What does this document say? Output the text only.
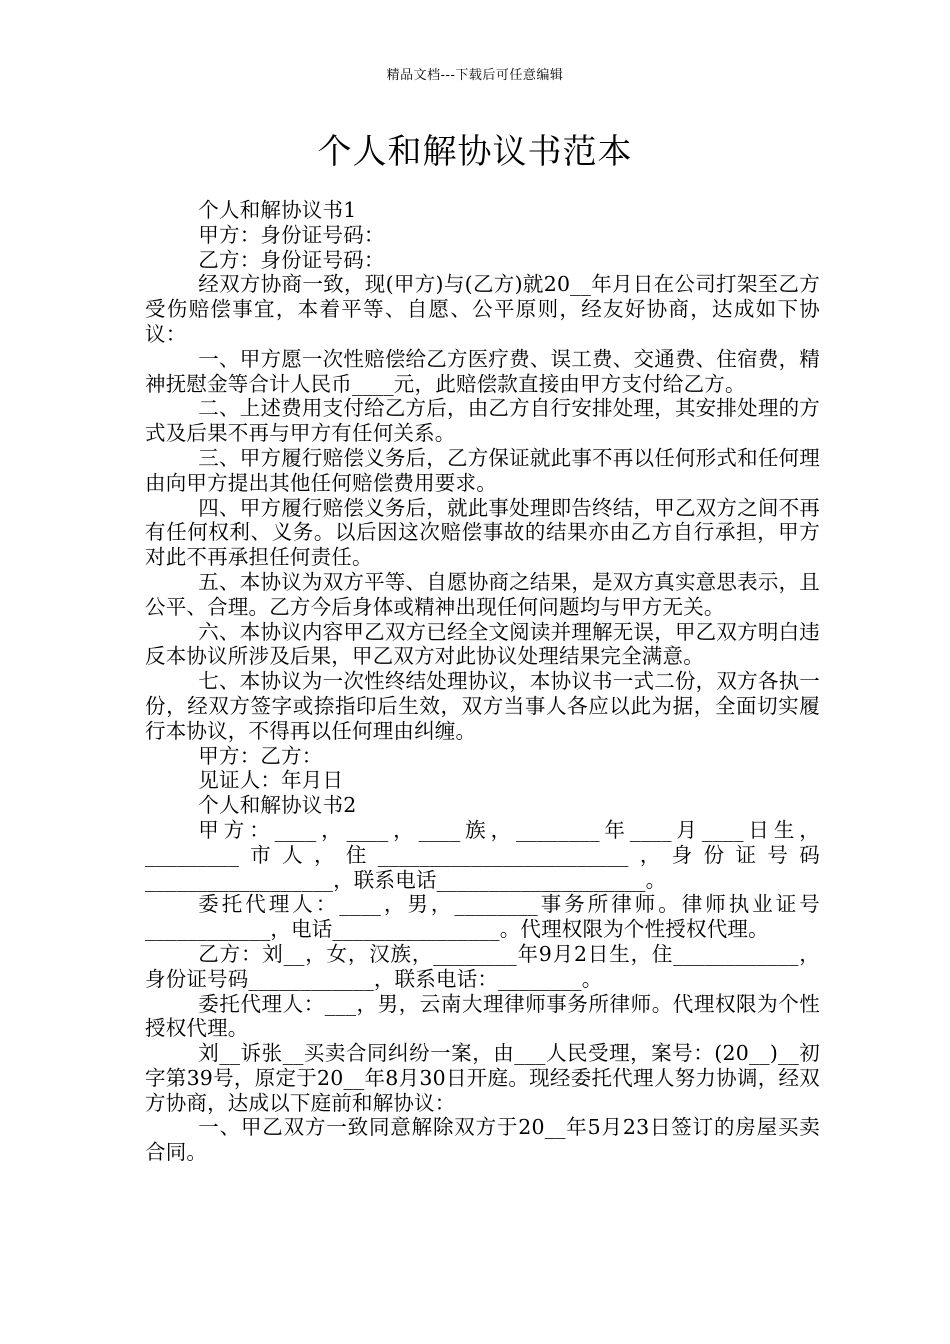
精品文档---下载后可任意编辑
个人和解协议书范本

个人和解协议书1

甲方：身份证号码：

乙方：身份证号码：

经双方协商一致，现(甲方)与(乙方)就20__年月日在公司打架至乙方受伤赔偿事宜，本着平等、自愿、公平原则，经友好协商，达成如下协议：

一、甲方愿一次性赔偿给乙方医疗费、误工费、交通费、住宿费，精神抚慰金等合计人民币____元，此赔偿款直接由甲方支付给乙方。

二、上述费用支付给乙方后，由乙方自行安排处理，其安排处理的方式及后果不再与甲方有任何关系。

三、甲方履行赔偿义务后，乙方保证就此事不再以任何形式和任何理由向甲方提出其他任何赔偿费用要求。

四、甲方履行赔偿义务后，就此事处理即告终结，甲乙双方之间不再有任何权利、义务。以后因这次赔偿事故的结果亦由乙方自行承担，甲方对此不再承担任何责任。

五、本协议为双方平等、自愿协商之结果，是双方真实意思表示，且公平、合理。乙方今后身体或精神出现任何问题均与甲方无关。

六、本协议内容甲乙双方已经全文阅读并理解无误，甲乙双方明白违反本协议所涉及后果，甲乙双方对此协议处理结果完全满意。

七、本协议为一次性终结处理协议，本协议书一式二份，双方各执一份，经双方签字或捺指印后生效，双方当事人各应以此为据，全面切实履行本协议，不得再以任何理由纠缠。

甲方：乙方：

见证人：年月日

个人和解协议书2

甲方：____，____，____族，________年____月____日生，_________市人，住________________________，身份证号码__________________，联系电话____________________。

委托代理人：____，男，________事务所律师。律师执业证号____________，电话________________。代理权限为个性授权代理。

乙方：刘__，女，汉族，________年9月2日生，住____________，身份证号码____________，联系电话：________。

委托代理人：___，男，云南大理律师事务所律师。代理权限为个性授权代理。

刘__诉张__买卖合同纠纷一案，由___人民受理，案号：(20__)__初字第39号，原定于20__年8月30日开庭。现经委托代理人努力协调，经双方协商，达成以下庭前和解协议：

一、甲乙双方一致同意解除双方于20__年5月23日签订的房屋买卖合同。
